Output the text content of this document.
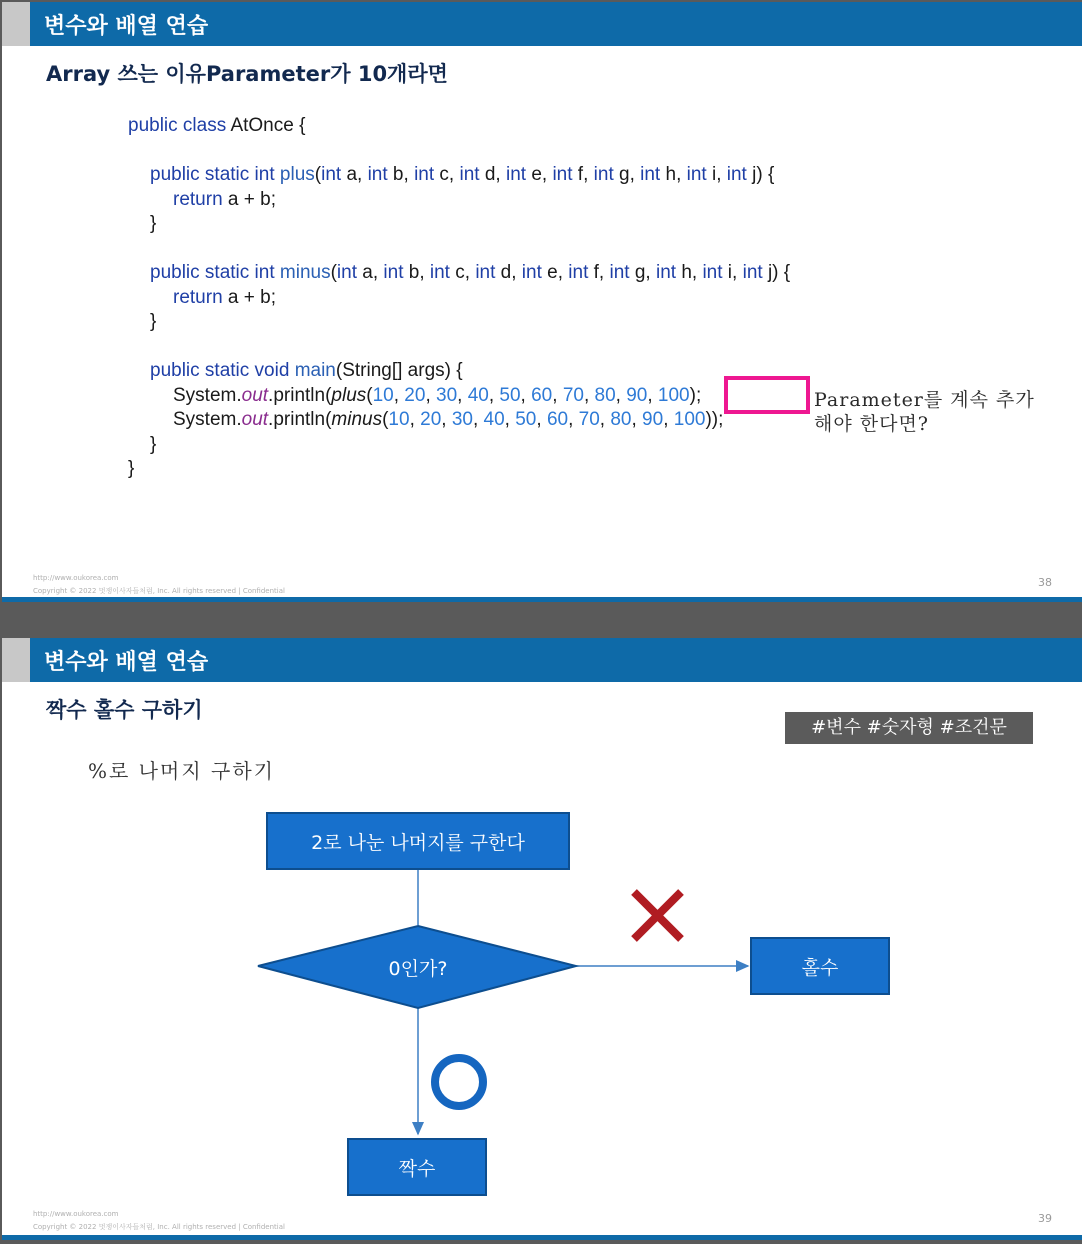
변수와 배열 연습
Array 쓰는 이유Parameter가 10개라면
public class AtOnce {
public static int plus(int a, int b, int c, int d, int e, int f, int g, int h, int i, int j) {
return a + b;
}
public static int minus(int a, int b, int c, int d, int e, int f, int g, int h, int i, int j) {
return a + b;
}
public static void main(String[] args) {
System.out.println(plus(10, 20, 30, 40, 50, 60, 70, 80, 90, 100);
System.out.println(minus(10, 20, 30, 40, 50, 60, 70, 80, 90, 100));
}
}
Parameter를 계속 추가
해야 한다면?
http://www.oukorea.com
Copyright © 2022 멋쟁이사자들처럼, Inc. All rights reserved | Confidential
38
변수와 배열 연습
짝수 홀수 구하기
#변수 #숫자형 #조건문
%로 나머지 구하기
2로 나눈 나머지를 구한다
0인가?	홀수
짝수
http://www.oukorea.com
Copyright © 2022 멋쟁이사자들처럼, Inc. All rights reserved | Confidential
39
